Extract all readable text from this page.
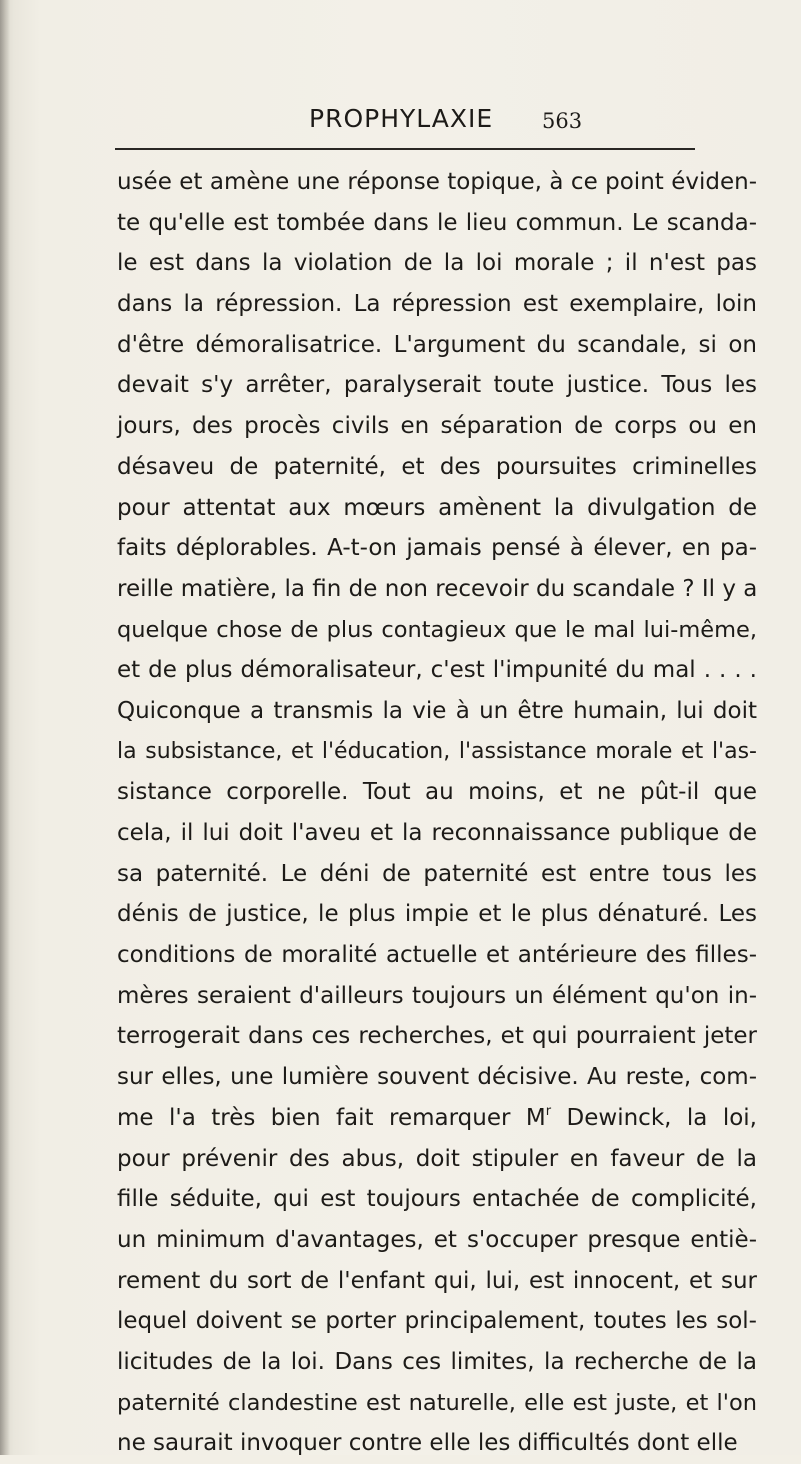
PROPHYLAXIE 563
usée et amène une réponse topique, à ce point éviden-
te qu'elle est tombée dans le lieu commun. Le scanda-
le est dans la violation de la loi morale ; il n'est pas
dans la répression. La répression est exemplaire, loin
d'être démoralisatrice. L'argument du scandale, si on
devait s'y arrêter, paralyserait toute justice. Tous les
jours, des procès civils en séparation de corps ou en
désaveu de paternité, et des poursuites criminelles
pour attentat aux mœurs amènent la divulgation de
faits déplorables. A-t-on jamais pensé à élever, en pa-
reille matière, la fin de non recevoir du scandale ? Il y a
quelque chose de plus contagieux que le mal lui-même,
et de plus démoralisateur, c'est l'impunité du mal . . . .
Quiconque a transmis la vie à un être humain, lui doit
la subsistance, et l'éducation, l'assistance morale et l'as-
sistance corporelle. Tout au moins, et ne pût-il que
cela, il lui doit l'aveu et la reconnaissance publique de
sa paternité. Le déni de paternité est entre tous les
dénis de justice, le plus impie et le plus dénaturé. Les
conditions de moralité actuelle et antérieure des filles-
mères seraient d'ailleurs toujours un élément qu'on in-
terrogerait dans ces recherches, et qui pourraient jeter
sur elles, une lumière souvent décisive. Au reste, com-
me l'a très bien fait remarquer $M^r$ Dewinck, la loi,
pour prévenir des abus, doit stipuler en faveur de la
fille séduite, qui est toujours entachée de complicité,
un minimum d'avantages, et s'occuper presque entiè-
rement du sort de l'enfant qui, lui, est innocent, et sur
lequel doivent se porter principalement, toutes les sol-
licitudes de la loi. Dans ces limites, la recherche de la
paternité clandestine est naturelle, elle est juste, et l'on
ne saurait invoquer contre elle les difficultés dont elle
